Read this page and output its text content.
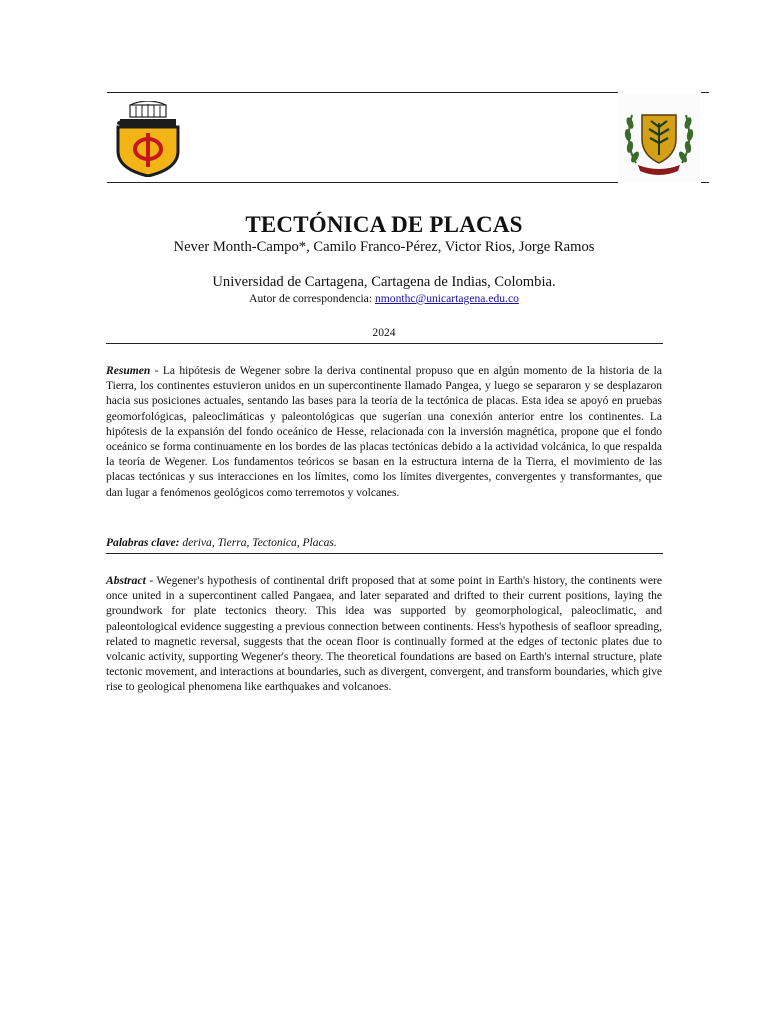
TECTÓNICA DE PLACAS
Never Month-Campo*, Camilo Franco-Pérez, Victor Rios, Jorge Ramos
Universidad de Cartagena, Cartagena de Indias, Colombia.
Autor de correspondencia: nmonthc@unicartagena.edu.co
2024
Resumen - La hipótesis de Wegener sobre la deriva continental propuso que en algún momento de la historia de la Tierra, los continentes estuvieron unidos en un supercontinente llamado Pangea, y luego se separaron y se desplazaron hacia sus posiciones actuales, sentando las bases para la teoría de la tectónica de placas. Esta idea se apoyó en pruebas geomorfológicas, paleoclimáticas y paleontológicas que sugerían una conexión anterior entre los continentes. La hipótesis de la expansión del fondo oceánico de Hesse, relacionada con la inversión magnética, propone que el fondo oceánico se forma continuamente en los bordes de las placas tectónicas debido a la actividad volcánica, lo que respalda la teoría de Wegener. Los fundamentos teóricos se basan en la estructura interna de la Tierra, el movimiento de las placas tectónicas y sus interacciones en los límites, como los límites divergentes, convergentes y transformantes, que dan lugar a fenómenos geológicos como terremotos y volcanes.
Palabras clave: deriva, Tierra, Tectonica, Placas.
Abstract - Wegener's hypothesis of continental drift proposed that at some point in Earth's history, the continents were once united in a supercontinent called Pangaea, and later separated and drifted to their current positions, laying the groundwork for plate tectonics theory. This idea was supported by geomorphological, paleoclimatic, and paleontological evidence suggesting a previous connection between continents. Hess's hypothesis of seafloor spreading, related to magnetic reversal, suggests that the ocean floor is continually formed at the edges of tectonic plates due to volcanic activity, supporting Wegener's theory. The theoretical foundations are based on Earth's internal structure, plate tectonic movement, and interactions at boundaries, such as divergent, convergent, and transform boundaries, which give rise to geological phenomena like earthquakes and volcanoes.
